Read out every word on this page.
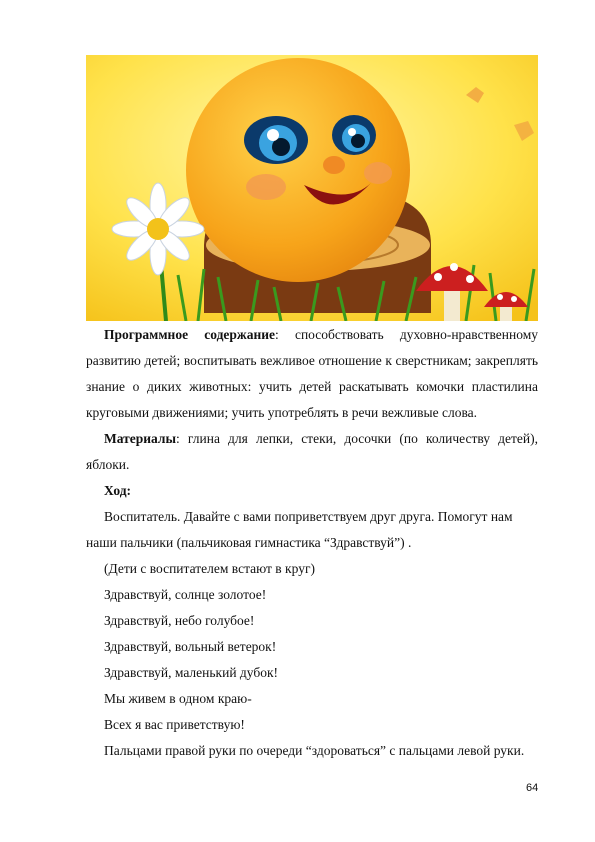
Программное содержание: способствовать духовно-нравственному
развитию детей; воспитывать вежливое отношение к сверстникам; закреплять
знание о диких животных: учить детей раскатывать комочки пластилина
круговыми движениями; учить употреблять в речи вежливые слова.
Материалы: глина для лепки, стеки, досочки (по количеству детей),
яблоки.
Ход:
Воспитатель. Давайте с вами поприветствуем друг друга. Помогут нам
наши пальчики (пальчиковая гимнастика “Здравствуй”) .
(Дети с воспитателем встают в круг)
Здравствуй, солнце золотое!
Здравствуй, небо голубое!
Здравствуй, вольный ветерок!
Здравствуй, маленький дубок!
Мы живем в одном краю-
Всех я вас приветствую!
Пальцами правой руки по очереди “здороваться” с пальцами левой руки.
64
